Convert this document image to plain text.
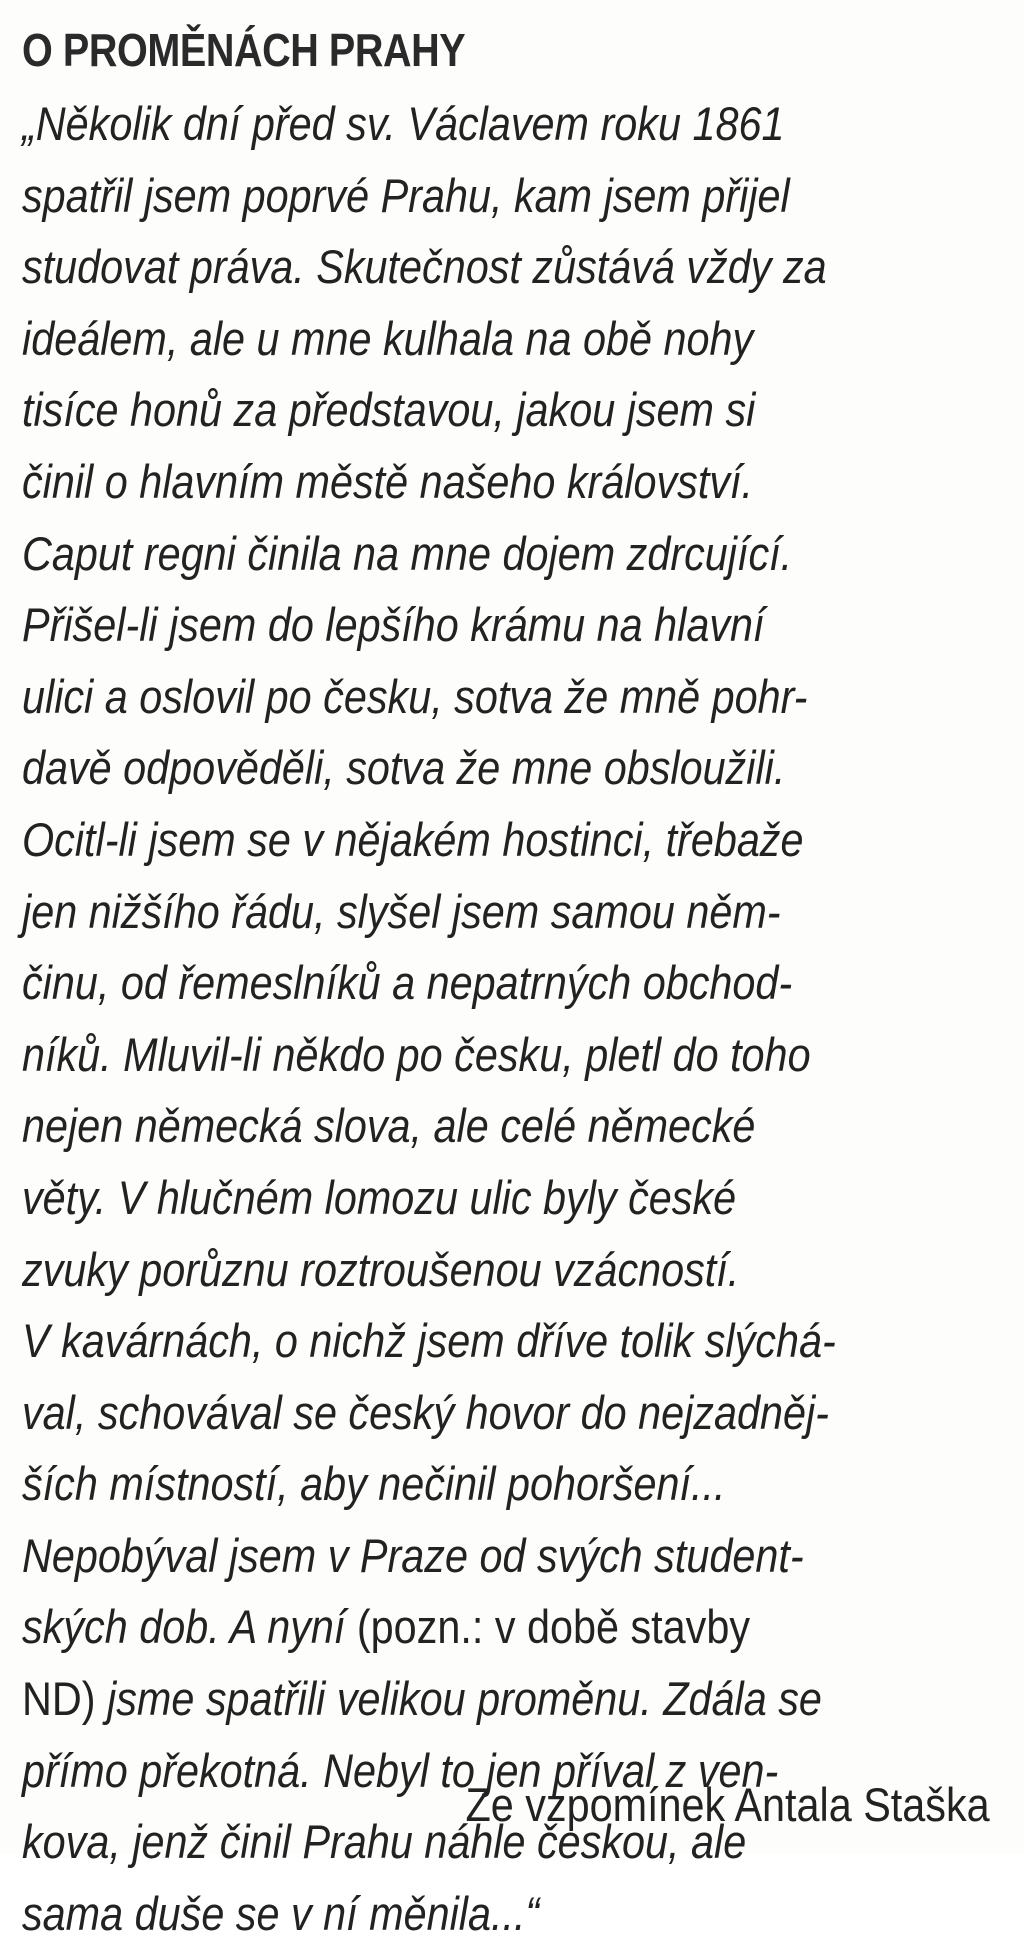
O PROMĚNÁCH PRAHY
„Několik dní před sv. Václavem roku 1861
spatřil jsem poprvé Prahu, kam jsem přijel
studovat práva. Skutečnost zůstává vždy za
ideálem, ale u mne kulhala na obě nohy
tisíce honů za představou, jakou jsem si
činil o hlavním městě našeho království.
Caput regni činila na mne dojem zdrcující.
Přišel-li jsem do lepšího krámu na hlavní
ulici a oslovil po česku, sotva že mně pohr-
davě odpověděli, sotva že mne obsloužili.
Ocitl-li jsem se v nějakém hostinci, třebaže
jen nižšího řádu, slyšel jsem samou něm-
činu, od řemeslníků a nepatrných obchod-
níků. Mluvil-li někdo po česku, pletl do toho
nejen německá slova, ale celé německé
věty. V hlučném lomozu ulic byly české
zvuky porůznu roztroušenou vzácností.
V kavárnách, o nichž jsem dříve tolik slýchá-
val, schovával se český hovor do nejzadněj-
ších místností, aby nečinil pohoršení...
Nepobýval jsem v Praze od svých student-
ských dob. A nyní (pozn.: v době stavby
ND) jsme spatřili velikou proměnu. Zdála se
přímo překotná. Nebyl to jen příval z ven-
kova, jenž činil Prahu náhle českou, ale
sama duše se v ní měnila...“

Ze vzpomínek Antala Staška
